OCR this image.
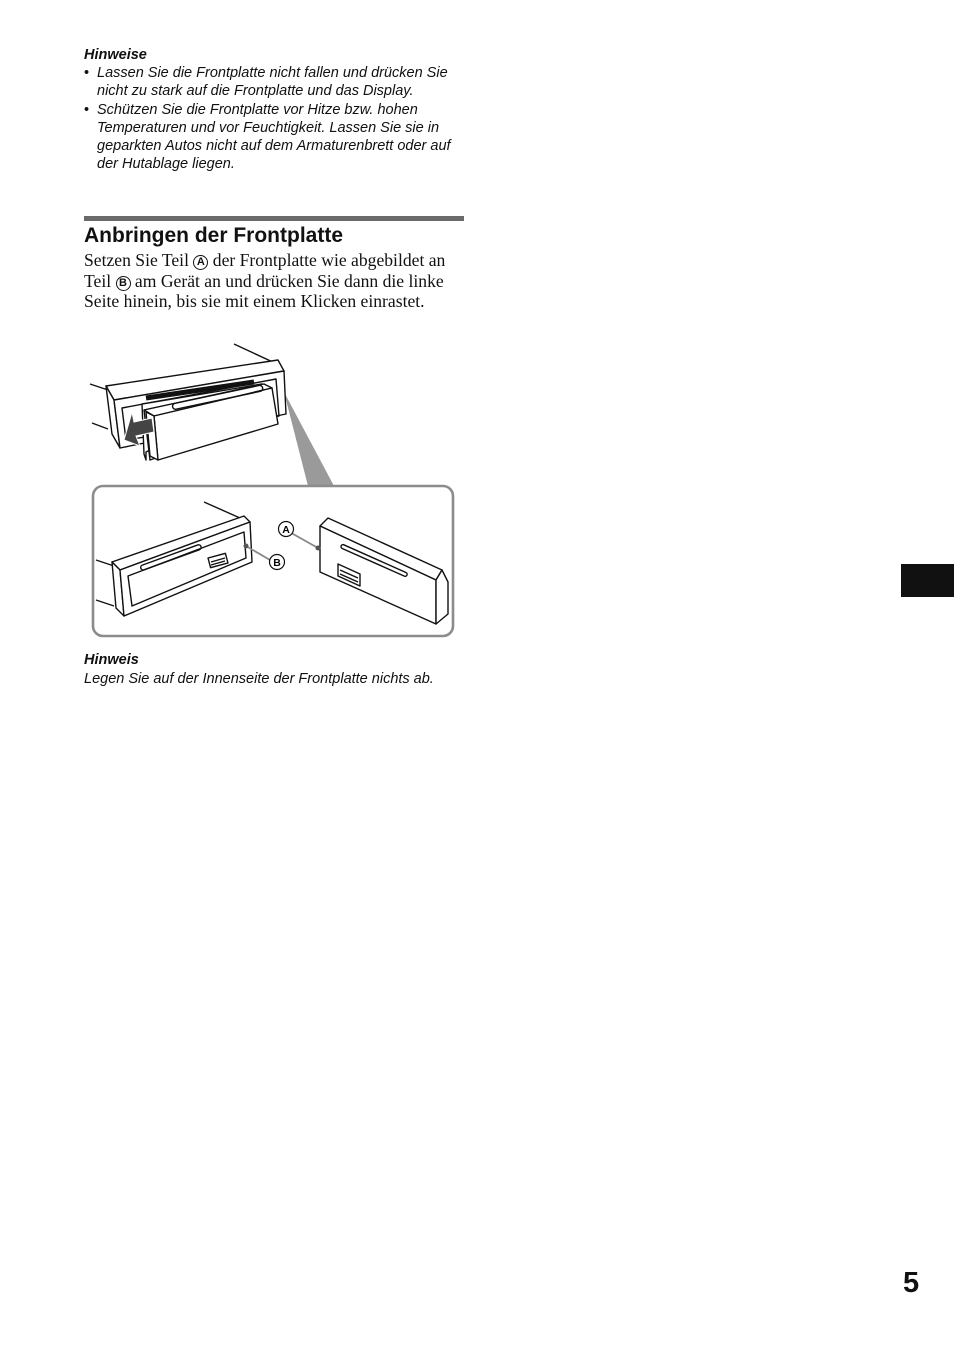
Hinweise
• Lassen Sie die Frontplatte nicht fallen und drücken Sie nicht zu stark auf die Frontplatte und das Display.
• Schützen Sie die Frontplatte vor Hitze bzw. hohen Temperaturen und vor Feuchtigkeit. Lassen Sie sie in geparkten Autos nicht auf dem Armaturenbrett oder auf der Hutablage liegen.
Anbringen der Frontplatte
Setzen Sie Teil A der Frontplatte wie abgebildet an Teil B am Gerät an und drücken Sie dann die linke Seite hinein, bis sie mit einem Klicken einrastet.
A
B
Hinweis
Legen Sie auf der Innenseite der Frontplatte nichts ab.
5
